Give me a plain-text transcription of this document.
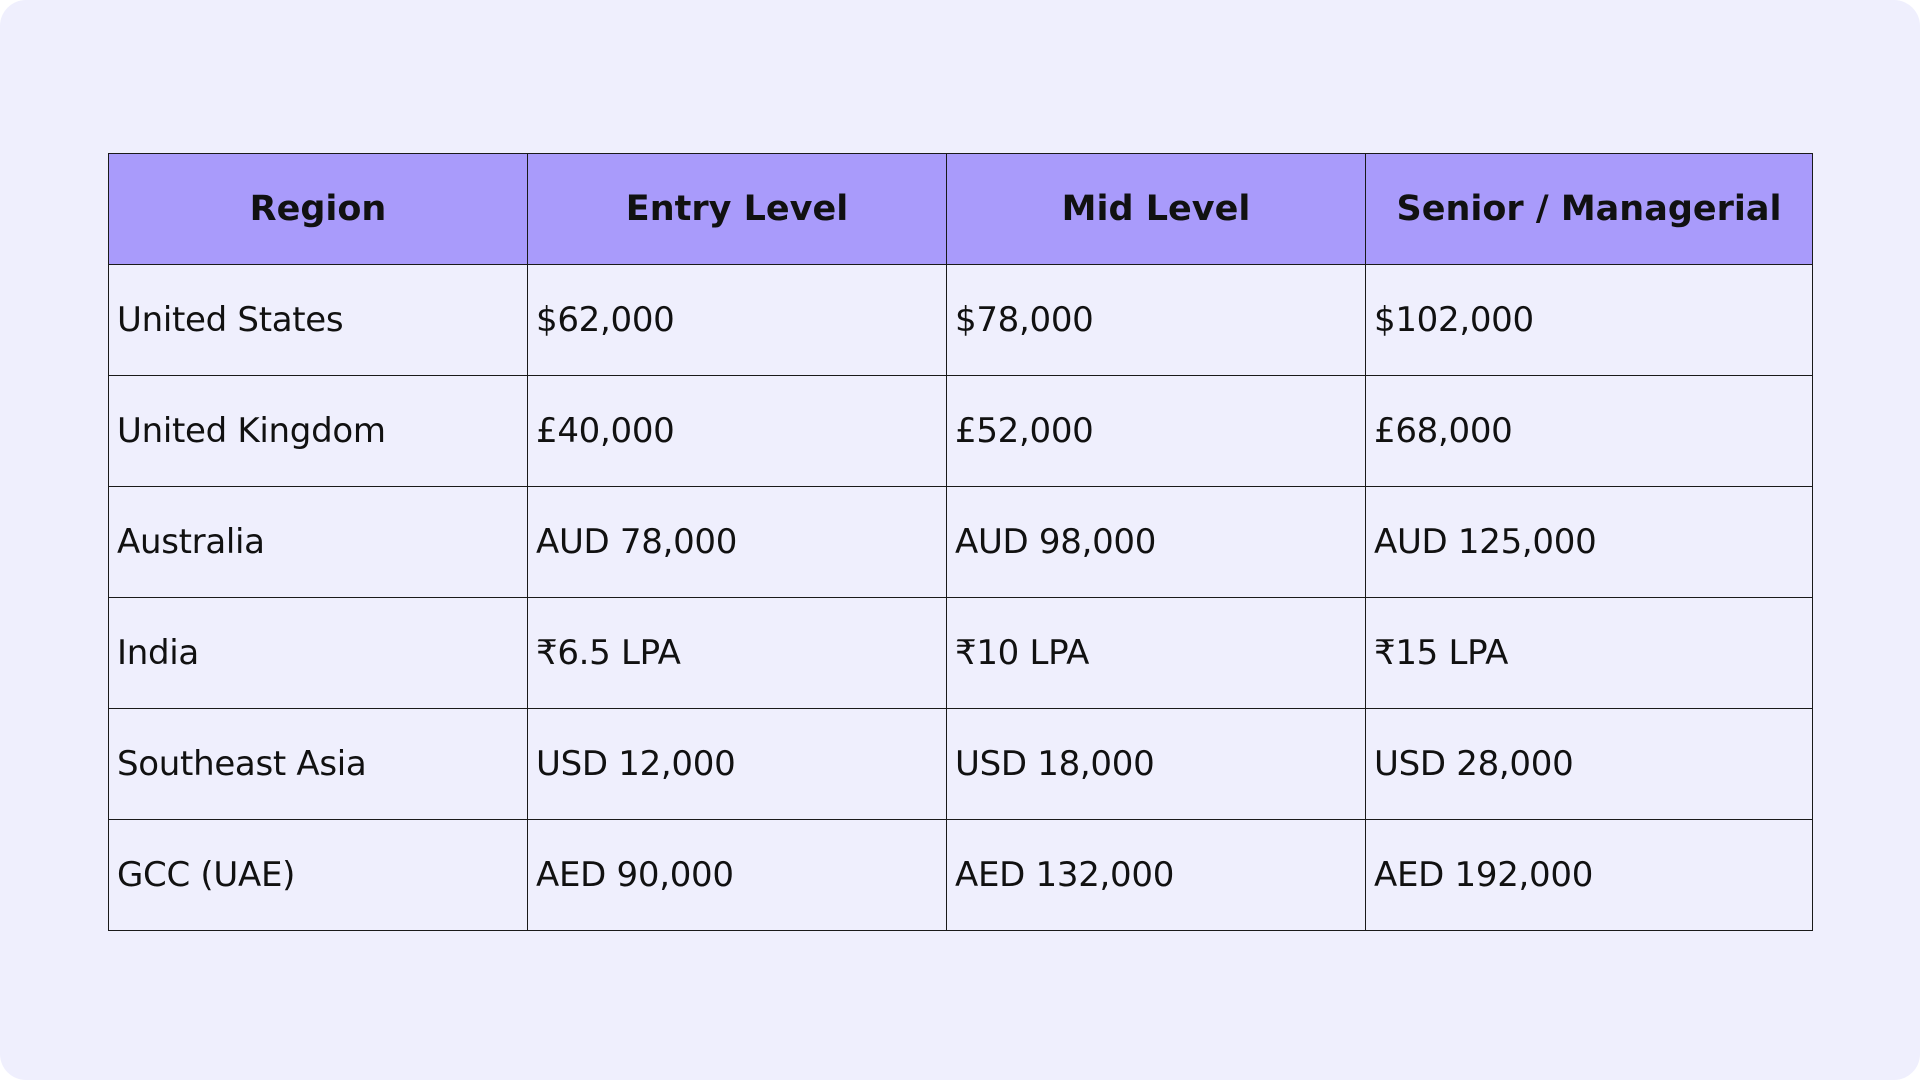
Region	Entry Level	Mid Level	Senior / Managerial
United States	$62,000	$78,000	$102,000
United Kingdom	£40,000	£52,000	£68,000
Australia	AUD 78,000	AUD 98,000	AUD 125,000
India	₹6.5 LPA	₹10 LPA	₹15 LPA
Southeast Asia	USD 12,000	USD 18,000	USD 28,000
GCC (UAE)	AED 90,000	AED 132,000	AED 192,000
